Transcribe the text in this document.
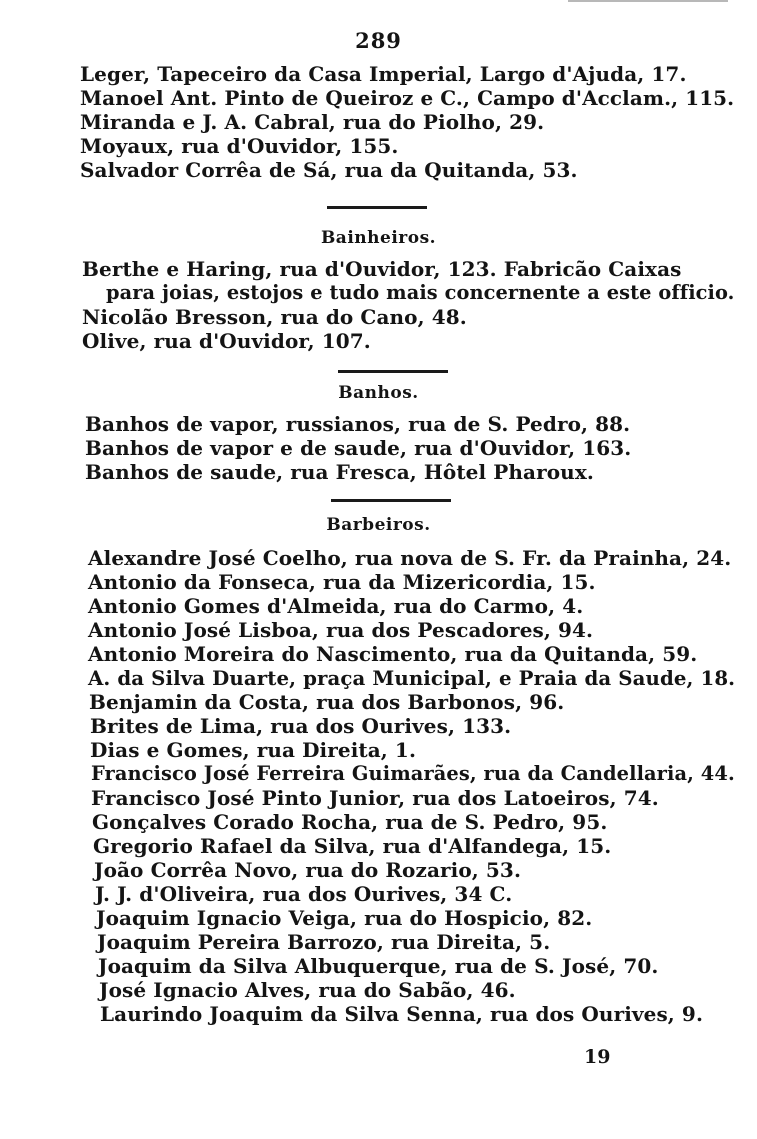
289
Leger, Tapeceiro da Casa Imperial, Largo d'Ajuda, 17.
Manoel Ant. Pinto de Queiroz e C., Campo d'Acclam., 115.
Miranda e J. A. Cabral, rua do Piolho, 29.
Moyaux, rua d'Ouvidor, 155.
Salvador Corrêa de Sá, rua da Quitanda, 53.
Bainheiros.
Berthe e Haring, rua d'Ouvidor, 123. Fabricão Caixas
para joias, estojos e tudo mais concernente a este officio.
Nicolão Bresson, rua do Cano, 48.
Olive, rua d'Ouvidor, 107.
Banhos.
Banhos de vapor, russianos, rua de S. Pedro, 88.
Banhos de vapor e de saude, rua d'Ouvidor, 163.
Banhos de saude, rua Fresca, Hôtel Pharoux.
Barbeiros.
Alexandre José Coelho, rua nova de S. Fr. da Prainha, 24.
Antonio da Fonseca, rua da Mizericordia, 15.
Antonio Gomes d'Almeida, rua do Carmo, 4.
Antonio José Lisboa, rua dos Pescadores, 94.
Antonio Moreira do Nascimento, rua da Quitanda, 59.
A. da Silva Duarte, praça Municipal, e Praia da Saude, 18.
Benjamin da Costa, rua dos Barbonos, 96.
Brites de Lima, rua dos Ourives, 133.
Dias e Gomes, rua Direita, 1.
Francisco José Ferreira Guimarães, rua da Candellaria, 44.
Francisco José Pinto Junior, rua dos Latoeiros, 74.
Gonçalves Corado Rocha, rua de S. Pedro, 95.
Gregorio Rafael da Silva, rua d'Alfandega, 15.
João Corrêa Novo, rua do Rozario, 53.
J. J. d'Oliveira, rua dos Ourives, 34 C.
Joaquim Ignacio Veiga, rua do Hospicio, 82.
Joaquim Pereira Barrozo, rua Direita, 5.
Joaquim da Silva Albuquerque, rua de S. José, 70.
José Ignacio Alves, rua do Sabão, 46.
Laurindo Joaquim da Silva Senna, rua dos Ourives, 9.
19
